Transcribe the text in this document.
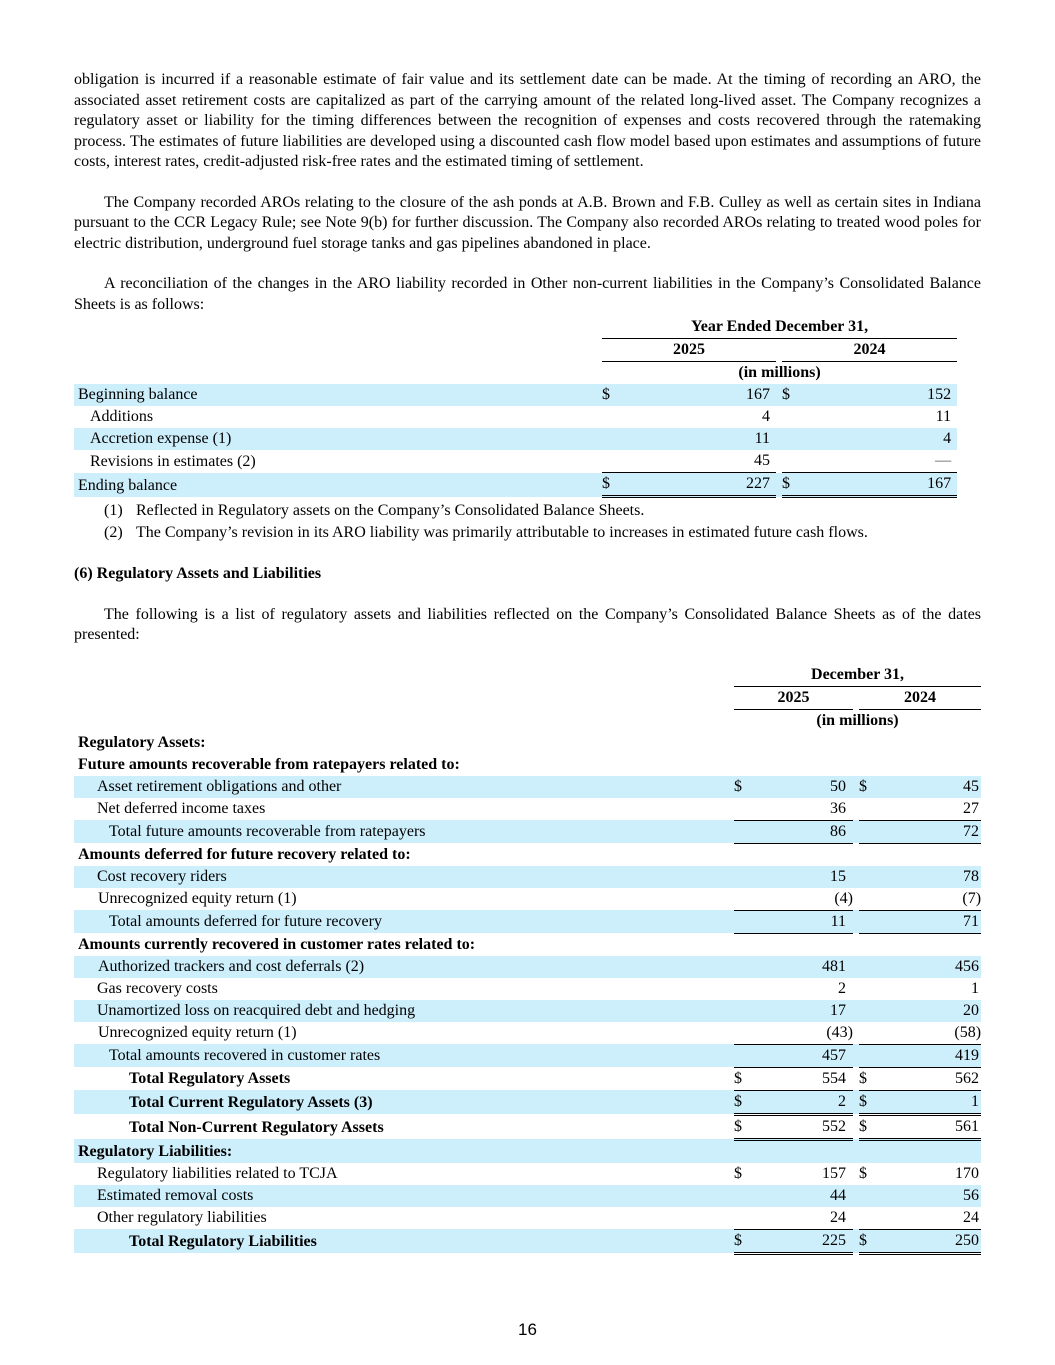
obligation is incurred if a reasonable estimate of fair value and its settlement date can be made. At the timing of recording an ARO, the associated asset retirement costs are capitalized as part of the carrying amount of the related long-lived asset. The Company recognizes a regulatory asset or liability for the timing differences between the recognition of expenses and costs recovered through the ratemaking process. The estimates of future liabilities are developed using a discounted cash flow model based upon estimates and assumptions of future costs, interest rates, credit-adjusted risk-free rates and the estimated timing of settlement.

The Company recorded AROs relating to the closure of the ash ponds at A.B. Brown and F.B. Culley as well as certain sites in Indiana pursuant to the CCR Legacy Rule; see Note 9(b) for further discussion. The Company also recorded AROs relating to treated wood poles for electric distribution, underground fuel storage tanks and gas pipelines abandoned in place.

A reconciliation of the changes in the ARO liability recorded in Other non-current liabilities in the Company’s Consolidated Balance Sheets is as follows:

	Year Ended December 31,					
	2025			2024		
	(in millions)					
Beginning balance	$	167		$	152	
Additions		4			11	
Accretion expense (1)		11			4	
Revisions in estimates (2)		45			—	
Ending balance	$	227		$	167	
(1) Reflected in Regulatory assets on the Company’s Consolidated Balance Sheets.
(2) The Company’s revision in its ARO liability was primarily attributable to increases in estimated future cash flows.
(6) Regulatory Assets and Liabilities

The following is a list of regulatory assets and liabilities reflected on the Company’s Consolidated Balance Sheets as of the dates presented:

	December 31,				
	2025			2024	
	(in millions)				
Regulatory Assets:					
Future amounts recoverable from ratepayers related to:					
Asset retirement obligations and other	$	50		$	45
Net deferred income taxes		36			27
Total future amounts recoverable from ratepayers		86			72
Amounts deferred for future recovery related to:					
Cost recovery riders		15			78
Unrecognized equity return (1)		(4)			(7)
Total amounts deferred for future recovery		11			71
Amounts currently recovered in customer rates related to:					
Authorized trackers and cost deferrals (2)		481			456
Gas recovery costs		2			1
Unamortized loss on reacquired debt and hedging		17			20
Unrecognized equity return (1)		(43)			(58)
Total amounts recovered in customer rates		457			419
Total Regulatory Assets	$	554		$	562
Total Current Regulatory Assets (3)	$	2		$	1
Total Non-Current Regulatory Assets	$	552		$	561
Regulatory Liabilities:					
Regulatory liabilities related to TCJA	$	157		$	170
Estimated removal costs		44			56
Other regulatory liabilities		24			24
Total Regulatory Liabilities	$	225		$	250
16
